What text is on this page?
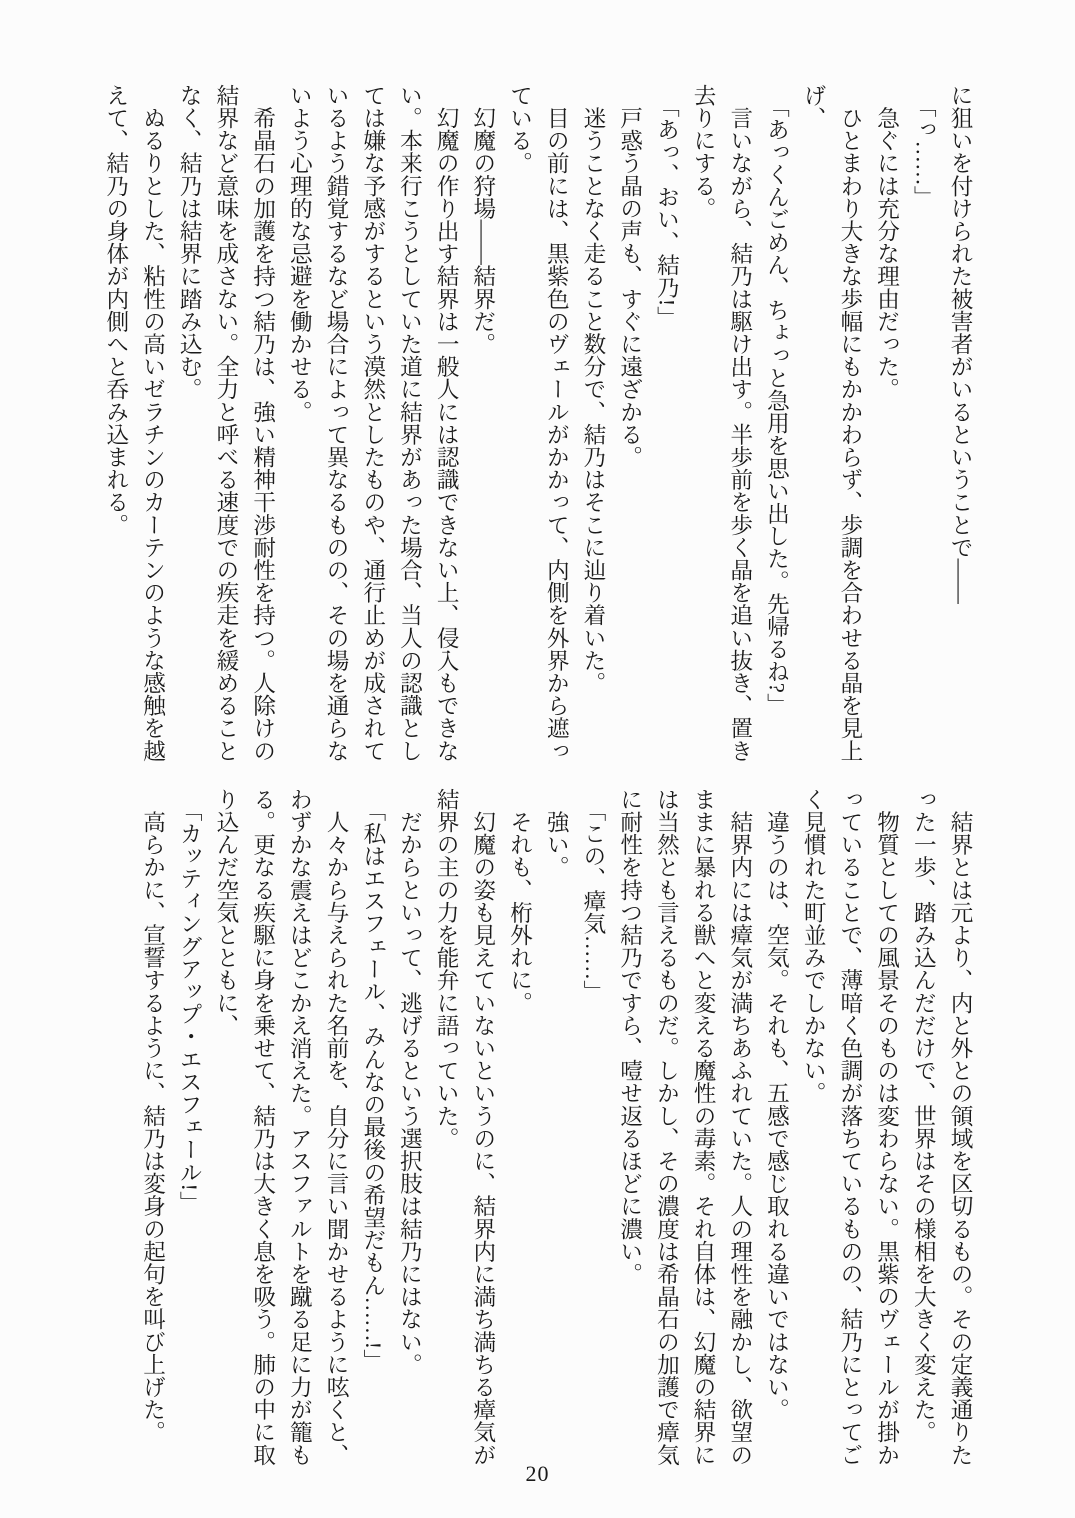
に狙いを付けられた被害者がいるということで――
　「っ……」
　急ぐには充分な理由だった。
　ひとまわり大きな歩幅にもかかわらず、歩調を合わせる晶を見上
げ、
　「あっくんごめん、ちょっと急用を思い出した。先帰るね?」
　言いながら、結乃は駆け出す。半歩前を歩く晶を追い抜き、置き
去りにする。
　「あっ、おい、結乃!」
　戸惑う晶の声も、すぐに遠ざかる。
　迷うことなく走ること数分で、結乃はそこに辿り着いた。
　目の前には、黒紫色のヴェールがかかって、内側を外界から遮っ
ている。
　幻魔の狩場――結界だ。
　幻魔の作り出す結界は一般人には認識できない上、侵入もできな
い。本来行こうとしていた道に結界があった場合、当人の認識とし
ては嫌な予感がするという漠然としたものや、通行止めが成されて
いるよう錯覚するなど場合によって異なるものの、その場を通らな
いよう心理的な忌避を働かせる。
　希晶石の加護を持つ結乃は、強い精神干渉耐性を持つ。人除けの
結界など意味を成さない。全力と呼べる速度での疾走を緩めること
なく、結乃は結界に踏み込む。
　ぬるりとした、粘性の高いゼラチンのカーテンのような感触を越
えて、結乃の身体が内側へと呑み込まれる。
　結界とは元より、内と外との領域を区切るもの。その定義通りた
った一歩、踏み込んだだけで、世界はその様相を大きく変えた。
　物質としての風景そのものは変わらない。黒紫のヴェールが掛か
っていることで、薄暗く色調が落ちているものの、結乃にとってご
く見慣れた町並みでしかない。
　違うのは、空気。それも、五感で感じ取れる違いではない。
　結界内には瘴気が満ちあふれていた。人の理性を融かし、欲望の
ままに暴れる獣へと変える魔性の毒素。それ自体は、幻魔の結界に
は当然とも言えるものだ。しかし、その濃度は希晶石の加護で瘴気
に耐性を持つ結乃ですら、噎せ返るほどに濃い。
　「この、瘴気……」
　強い。
　それも、桁外れに。
　幻魔の姿も見えていないというのに、結界内に満ち満ちる瘴気が
結界の主の力を能弁に語っていた。
　だからといって、逃げるという選択肢は結乃にはない。
　「私はエスフェール、みんなの最後の希望だもん……!」
　人々から与えられた名前を、自分に言い聞かせるように呟くと、
わずかな震えはどこかえ消えた。アスファルトを蹴る足に力が籠も
る。更なる疾駆に身を乗せて、結乃は大きく息を吸う。肺の中に取
り込んだ空気とともに、
　「カッティングアップ・エスフェール!」
　高らかに、宣誓するように、結乃は変身の起句を叫び上げた。
20
